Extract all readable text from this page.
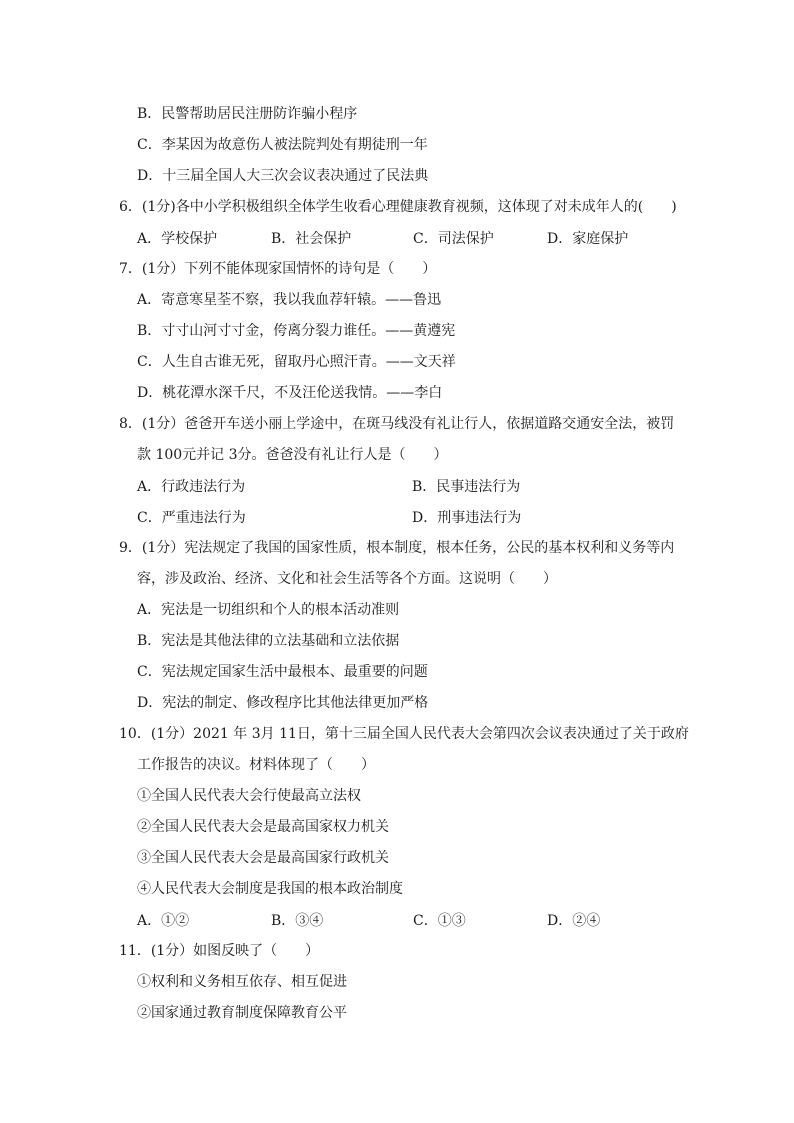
B．民警帮助居民注册防诈骗小程序
C．李某因为故意伤人被法院判处有期徒刑一年
D．十三届全国人大三次会议表决通过了民法典
6．(1分)各中小学积极组织全体学生收看心理健康教育视频，这体现了对未成年人的(　　)
A．学校保护	B．社会保护	C．司法保护	D．家庭保护
7．(1分）下列不能体现家国情怀的诗句是（　　）
A．寄意寒星荃不察，我以我血荐轩辕。——鲁迅
B．寸寸山河寸寸金，侉离分裂力谁任。——黄遵宪
C．人生自古谁无死，留取丹心照汗青。——文天祥
D．桃花潭水深千尺，不及汪伦送我情。——李白
8．(1分）爸爸开车送小丽上学途中，在斑马线没有礼让行人，依据道路交通安全法，被罚
款 100元并记 3分。爸爸没有礼让行人是（　　）
A．行政违法行为	B．民事违法行为
C．严重违法行为	D．刑事违法行为
9．(1分）宪法规定了我国的国家性质，根本制度，根本任务，公民的基本权利和义务等内
容，涉及政治、经济、文化和社会生活等各个方面。这说明（　　）
A．宪法是一切组织和个人的根本活动准则
B．宪法是其他法律的立法基础和立法依据
C．宪法规定国家生活中最根本、最重要的问题
D．宪法的制定、修改程序比其他法律更加严格
10．(1分）2021 年 3月 11日，第十三届全国人民代表大会第四次会议表决通过了关于政府
工作报告的决议。材料体现了（　　）
①全国人民代表大会行使最高立法权
②全国人民代表大会是最高国家权力机关
③全国人民代表大会是最高国家行政机关
④人民代表大会制度是我国的根本政治制度
A．①②	B．③④	C．①③	D．②④
11．(1分）如图反映了（　　）
①权利和义务相互依存、相互促进
②国家通过教育制度保障教育公平
